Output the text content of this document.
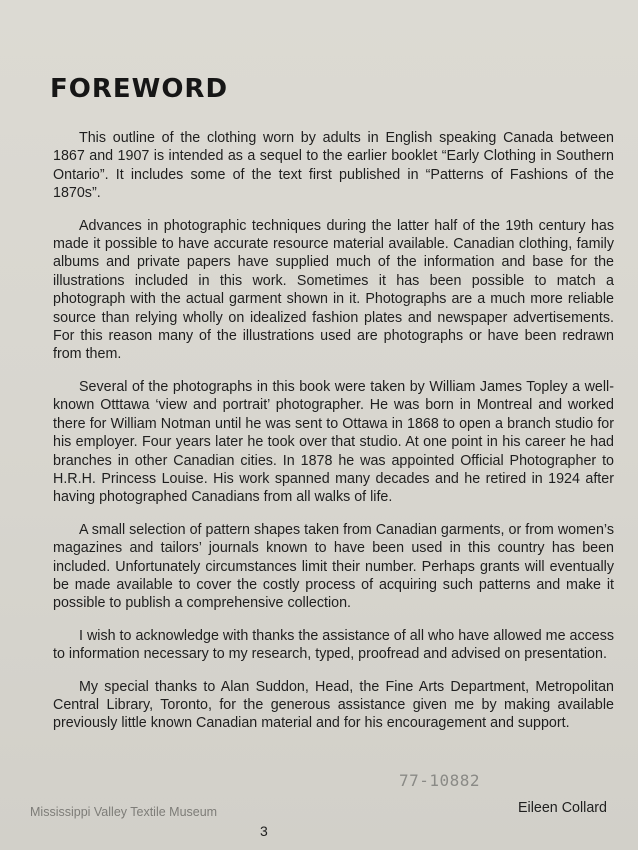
FOREWORD

This outline of the clothing worn by adults in English speaking Canada between 1867 and 1907 is intended as a sequel to the earlier booklet “Early Clothing in Southern Ontario”. It includes some of the text first published in “Patterns of Fashions of the 1870s”.

Advances in photographic techniques during the latter half of the 19th century has made it possible to have accurate resource material available. Canadian clothing, family albums and private papers have supplied much of the information and base for the illustrations included in this work. Sometimes it has been possible to match a photograph with the actual garment shown in it. Photographs are a much more reliable source than relying wholly on idealized fashion plates and newspaper advertisements. For this reason many of the illustrations used are photographs or have been redrawn from them.

Several of the photographs in this book were taken by William James Topley a well-known Otttawa ‘view and portrait’ photographer. He was born in Montreal and worked there for William Notman until he was sent to Ottawa in 1868 to open a branch studio for his employer. Four years later he took over that studio. At one point in his career he had branches in other Canadian cities. In 1878 he was appointed Official Photographer to H.R.H. Princess Louise. His work spanned many decades and he retired in 1924 after having photographed Canadians from all walks of life.

A small selection of pattern shapes taken from Canadian garments, or from women’s magazines and tailors’ journals known to have been used in this country has been included. Unfortunately circumstances limit their number. Perhaps grants will eventually be made available to cover the costly process of acquiring such patterns and make it possible to publish a comprehensive collection.

I wish to acknowledge with thanks the assistance of all who have allowed me access to information necessary to my research, typed, proofread and advised on presentation.

My special thanks to Alan Suddon, Head, the Fine Arts Department, Metropolitan Central Library, Toronto, for the generous assistance given me by making available previously little known Canadian material and for his encouragement and support.

77-10882
Eileen Collard
Mississippi Valley Textile Museum
3
